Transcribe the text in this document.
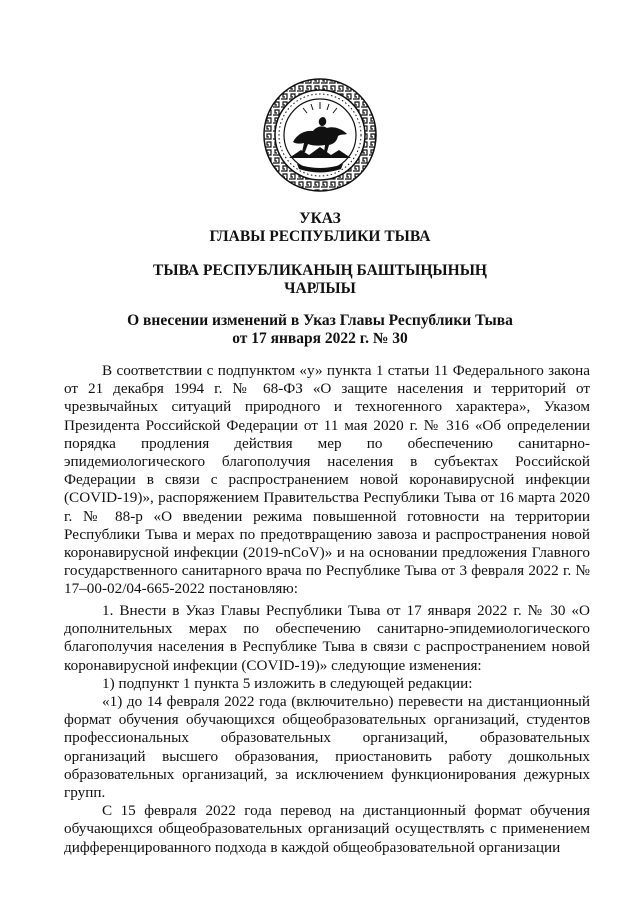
УКАЗ
ГЛАВЫ РЕСПУБЛИКИ ТЫВА
ТЫВА РЕСПУБЛИКАНЫҢ БАШТЫҢЫНЫҢ
ЧАРЛЫЫ
О внесении изменений в Указ Главы Республики Тыва
от 17 января 2022 г. № 30

В соответствии с подпунктом «у» пункта 1 статьи 11 Федерального закона от 21 декабря 1994 г. № 68-ФЗ «О защите населения и территорий от чрезвычайных ситуаций природного и техногенного характера», Указом Президента Российской Федерации от 11 мая 2020 г. № 316 «Об определении порядка продления действия мер по обеспечению санитарно-эпидемиологического благополучия населения в субъектах Российской Федерации в связи с распространением новой коронавирусной инфекции (COVID-19)», распоряжением Правительства Республики Тыва от 16 марта 2020 г. № 88-р «О введении режима повышенной готовности на территории Республики Тыва и мерах по предотвращению завоза и распространения новой коронавирусной инфекции (2019-nCoV)» и на основании предложения Главного государственного санитарного врача по Республике Тыва от 3 февраля 2022 г. № 17–00-02/04-665-2022 постановляю:

1. Внести в Указ Главы Республики Тыва от 17 января 2022 г. № 30 «О дополнительных мерах по обеспечению санитарно-эпидемиологического благополучия населения в Республике Тыва в связи с распространением новой коронавирусной инфекции (COVID-19)» следующие изменения:

1) подпункт 1 пункта 5 изложить в следующей редакции:

«1) до 14 февраля 2022 года (включительно) перевести на дистанционный формат обучения обучающихся общеобразовательных организаций, студентов профессиональных образовательных организаций, образовательных организаций высшего образования, приостановить работу дошкольных образовательных организаций, за исключением функционирования дежурных групп.

С 15 февраля 2022 года перевод на дистанционный формат обучения обучающихся общеобразовательных организаций осуществлять с применением дифференцированного подхода в каждой общеобразовательной организации
